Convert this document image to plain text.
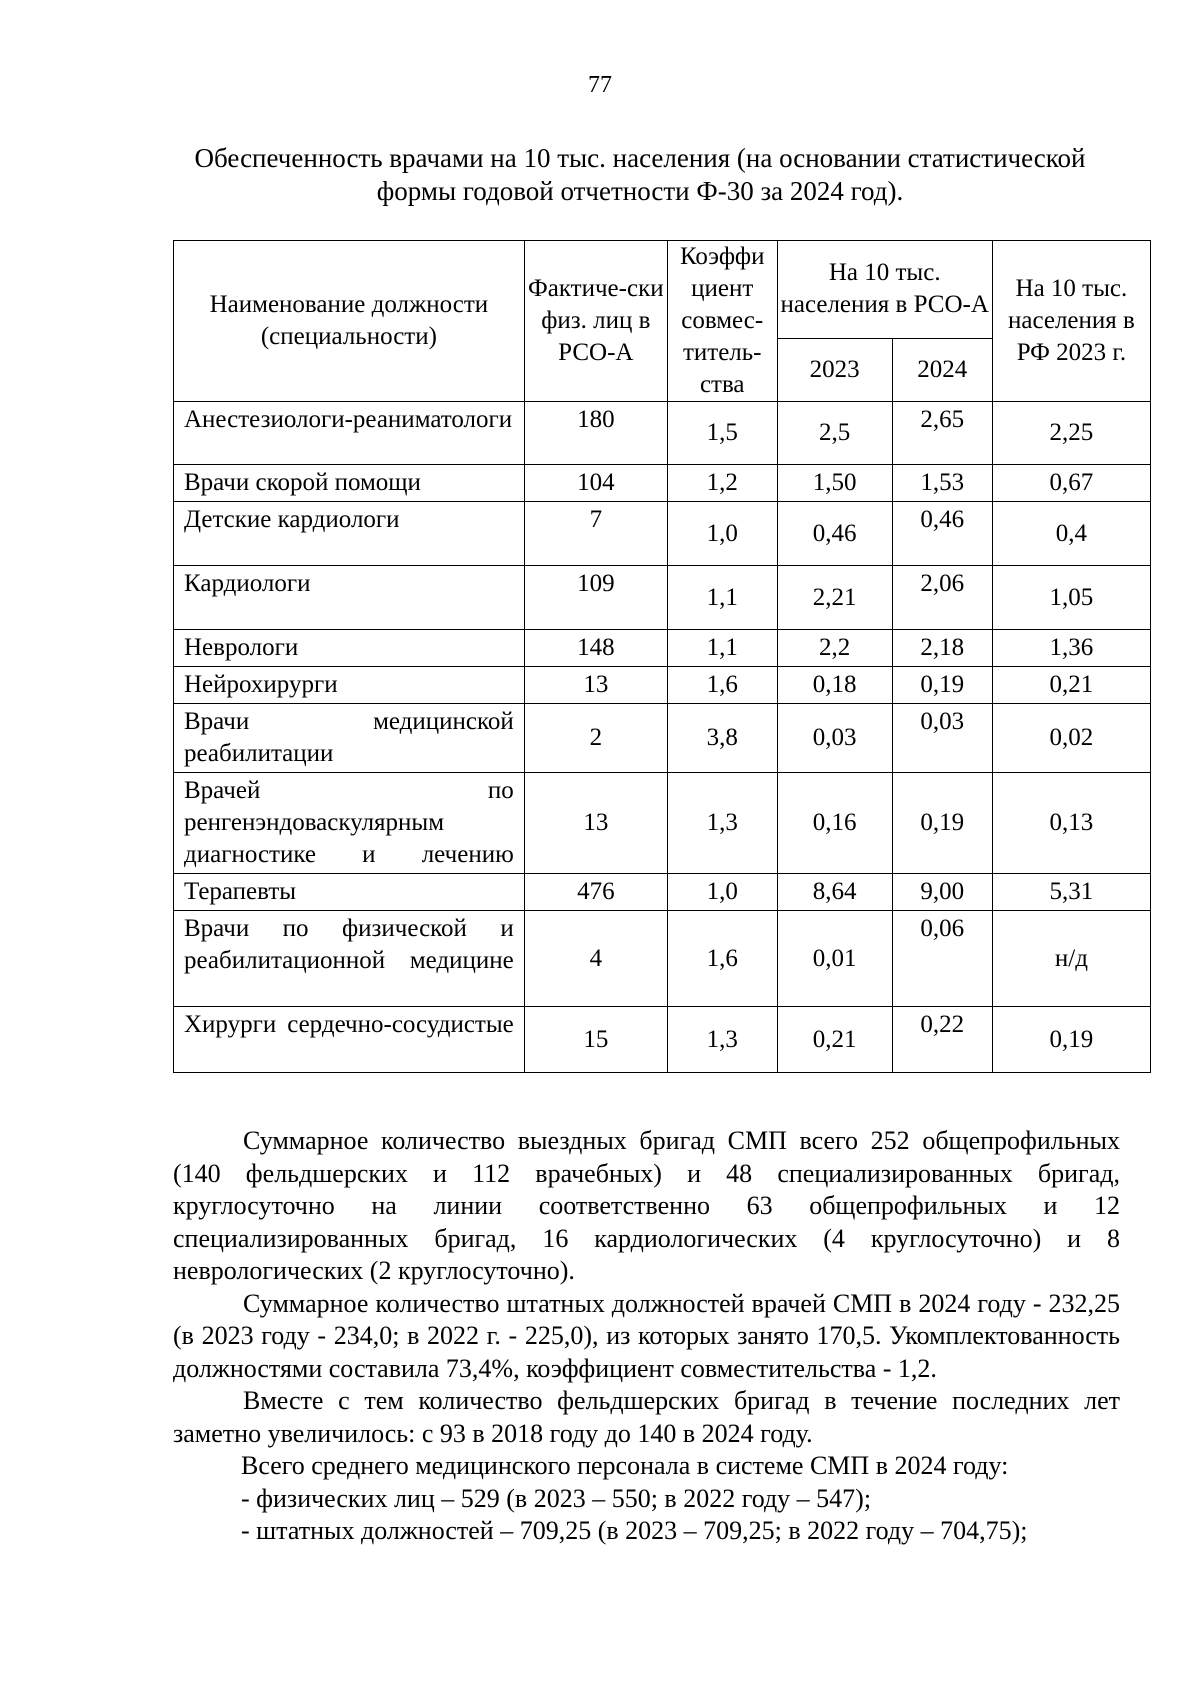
77
Обеспеченность врачами на 10 тыс. населения (на основании статистической формы годовой отчетности Ф-30 за 2024 год).
Наименование должности (специальности)	Фактиче-ски физ. лиц в РСО-А	Коэффи циент совмес-титель-ства	На 10 тыс. населения в РСО-А		На 10 тыс. населения в РФ 2023 г.
			2023	2024	
Анестезиологи-реаниматологи	180	1,5	2,5	2,65	2,25
Врачи скорой помощи	104	1,2	1,50	1,53	0,67
Детские кардиологи	7	1,0	0,46	0,46	0,4
Кардиологи	109	1,1	2,21	2,06	1,05
Неврологи	148	1,1	2,2	2,18	1,36
Нейрохирурги	13	1,6	0,18	0,19	0,21
Врачи медицинской реабилитации	2	3,8	0,03	0,03	0,02
Врачей по ренгенэндоваскулярным диагностике и лечению	13	1,3	0,16	0,19	0,13
Терапевты	476	1,0	8,64	9,00	5,31
Врачи по физической и реабилитационной медицине	4	1,6	0,01	0,06	н/д
Хирурги сердечно-сосудистые	15	1,3	0,21	0,22	0,19

Суммарное количество выездных бригад СМП всего 252 общепрофильных (140 фельдшерских и 112 врачебных) и 48 специализированных бригад, круглосуточно на линии соответственно 63 общепрофильных и 12 специализированных бригад, 16 кардиологических (4 круглосуточно) и 8 неврологических (2 круглосуточно).

Суммарное количество штатных должностей врачей СМП в 2024 году - 232,25 (в 2023 году - 234,0; в 2022 г. - 225,0), из которых занято 170,5. Укомплектованность должностями составила 73,4%, коэффициент совместительства - 1,2.

Вместе с тем количество фельдшерских бригад в течение последних лет заметно увеличилось: с 93 в 2018 году до 140 в 2024 году.

Всего среднего медицинского персонала в системе СМП в 2024 году:

- физических лиц – 529 (в 2023 – 550; в 2022 году – 547);

- штатных должностей – 709,25 (в 2023 – 709,25; в 2022 году – 704,75);
